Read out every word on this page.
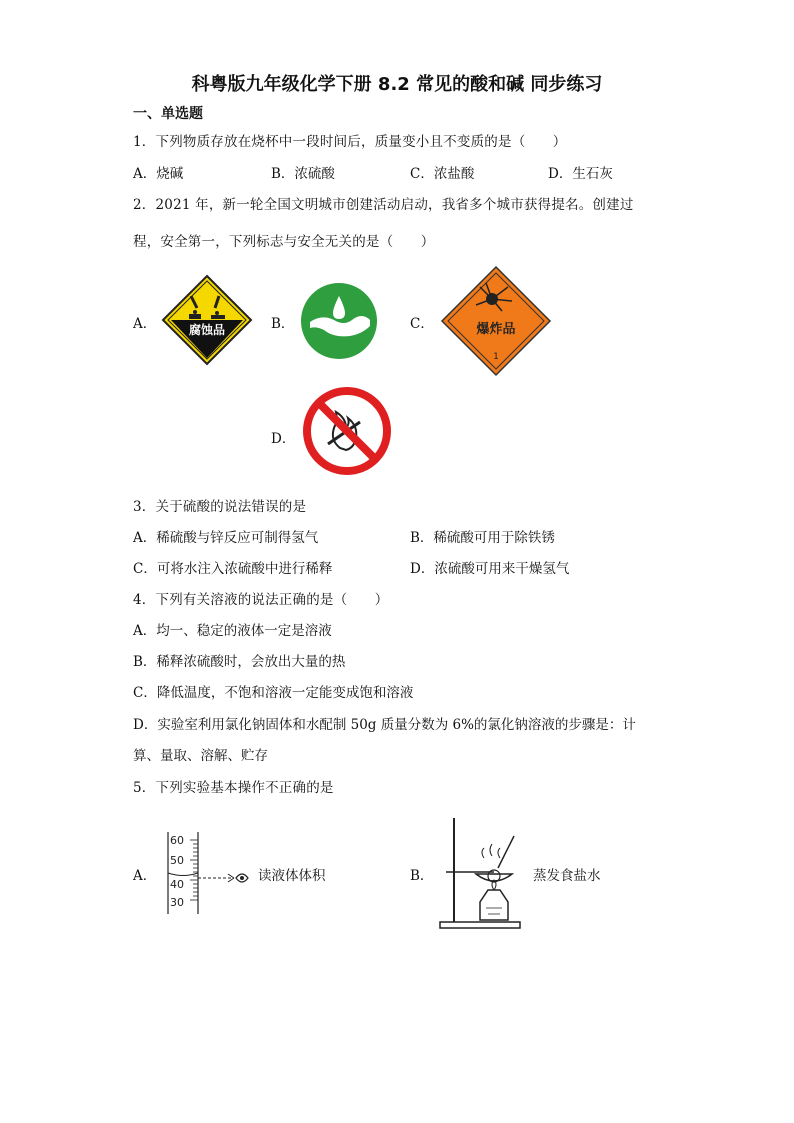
科粤版九年级化学下册 8.2 常见的酸和碱 同步练习
一、单选题
1．下列物质存放在烧杯中一段时间后，质量变小且不变质的是（　　）
A．烧碱	B．浓硫酸	C．浓盐酸	D．生石灰
2．2021 年，新一轮全国文明城市创建活动启动，我省多个城市获得提名。创建过
程，安全第一，下列标志与安全无关的是（　　）
A．	腐蚀品	B．	C．	爆炸品
1
D．
3．关于硫酸的说法错误的是
A．稀硫酸与锌反应可制得氢气	B．稀硫酸可用于除铁锈
C．可将水注入浓硫酸中进行稀释	D．浓硫酸可用来干燥氢气
4．下列有关溶液的说法正确的是（　　）
A．均一、稳定的液体一定是溶液
B．稀释浓硫酸时，会放出大量的热
C．降低温度，不饱和溶液一定能变成饱和溶液
D．实验室利用氯化钠固体和水配制 50g 质量分数为 6%的氯化钠溶液的步骤是：计
算、量取、溶解、贮存
5．下列实验基本操作不正确的是
A．
60
50
40
30
读液体体积	B．	蒸发食盐水
